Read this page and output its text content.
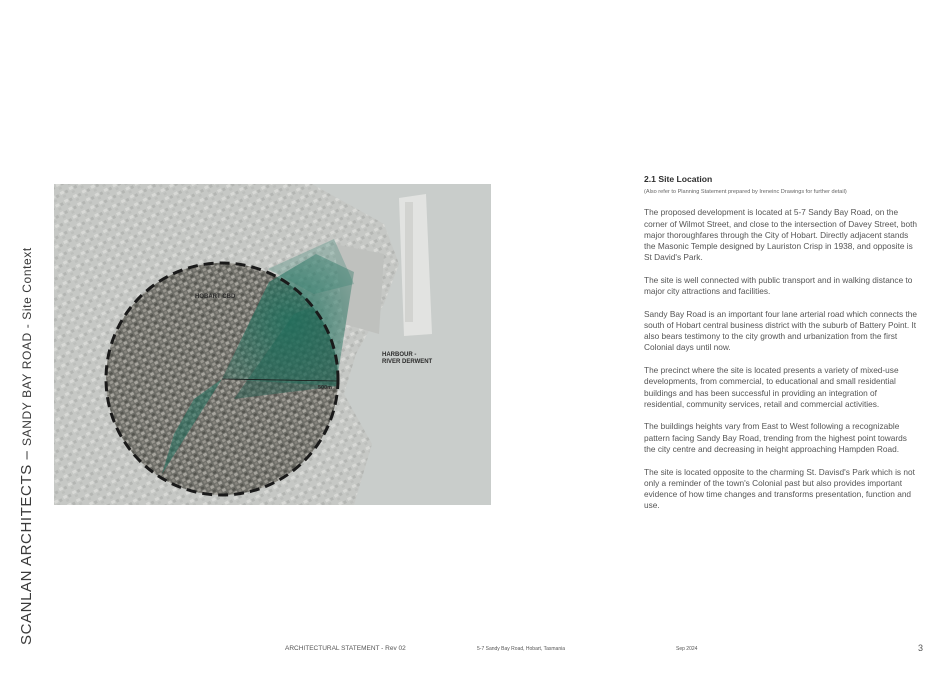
SCANLAN ARCHITECTS – SANDY BAY ROAD - Site Context	HOBART CBD
HARBOUR -
RIVER DERWENT
500m
2.1 Site Location
(Also refer to Planning Statement prepared by Ireneinc Drawings for further detail)

The proposed development is located at 5-7 Sandy Bay Road, on the corner of Wilmot Street, and close to the intersection of Davey Street, both major thoroughfares through the City of Hobart. Directly adjacent stands the Masonic Temple designed by Lauriston Crisp in 1938, and opposite is St David's Park.

The site is well connected with public transport and in walking distance to major city attractions and facilities.

Sandy Bay Road is an important four lane arterial road which connects the south of Hobart central business district with the suburb of Battery Point. It also bears testimony to the city growth and urbanization from the first Colonial days until now.

The precinct where the site is located presents a variety of mixed-use developments, from commercial, to educational and small residential buildings and has been successful in providing an integration of residential, community services, retail and commercial activities.

The buildings heights vary from East to West following a recognizable pattern facing Sandy Bay Road, trending from the highest point towards the city centre and decreasing in height approaching Hampden Road.

The site is located opposite to the charming St. Davisd's Park which is not only a reminder of the town's Colonial past but also provides important evidence of how time changes and transforms presentation, function and use.

ARCHITECTURAL STATEMENT - Rev 02	5-7 Sandy Bay Road, Hobart, Tasmania	Sep 2024	3
